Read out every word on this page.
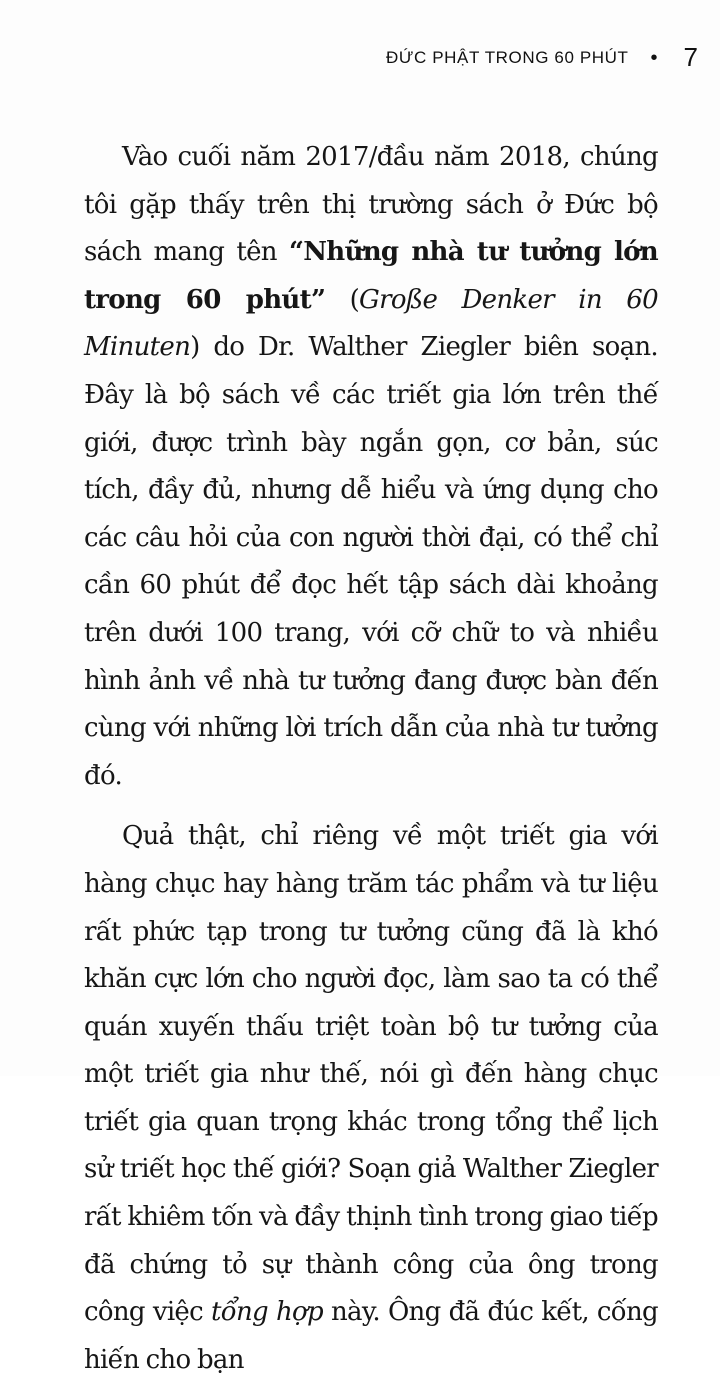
ĐỨC PHẬT TRONG 60 PHÚT • 7

Vào cuối năm 2017/đầu năm 2018, chúng tôi gặp thấy trên thị trường sách ở Đức bộ sách mang tên “Những nhà tư tưởng lớn trong 60 phút” (Große Denker in 60 Minuten) do Dr. Walther Ziegler biên soạn. Đây là bộ sách về các triết gia lớn trên thế giới, được trình bày ngắn gọn, cơ bản, súc tích, đầy đủ, nhưng dễ hiểu và ứng dụng cho các câu hỏi của con người thời đại, có thể chỉ cần 60 phút để đọc hết tập sách dài khoảng trên dưới 100 trang, với cỡ chữ to và nhiều hình ảnh về nhà tư tưởng đang được bàn đến cùng với những lời trích dẫn của nhà tư tưởng đó.

Quả thật, chỉ riêng về một triết gia với hàng chục hay hàng trăm tác phẩm và tư liệu rất phức tạp trong tư tưởng cũng đã là khó khăn cực lớn cho người đọc, làm sao ta có thể quán xuyến thấu triệt toàn bộ tư tưởng của một triết gia như thế, nói gì đến hàng chục triết gia quan trọng khác trong tổng thể lịch sử triết học thế giới? Soạn giả Walther Ziegler rất khiêm tốn và đầy thịnh tình trong giao tiếp đã chứng tỏ sự thành công của ông trong công việc tổng hợp này. Ông đã đúc kết, cống hiến cho bạn
